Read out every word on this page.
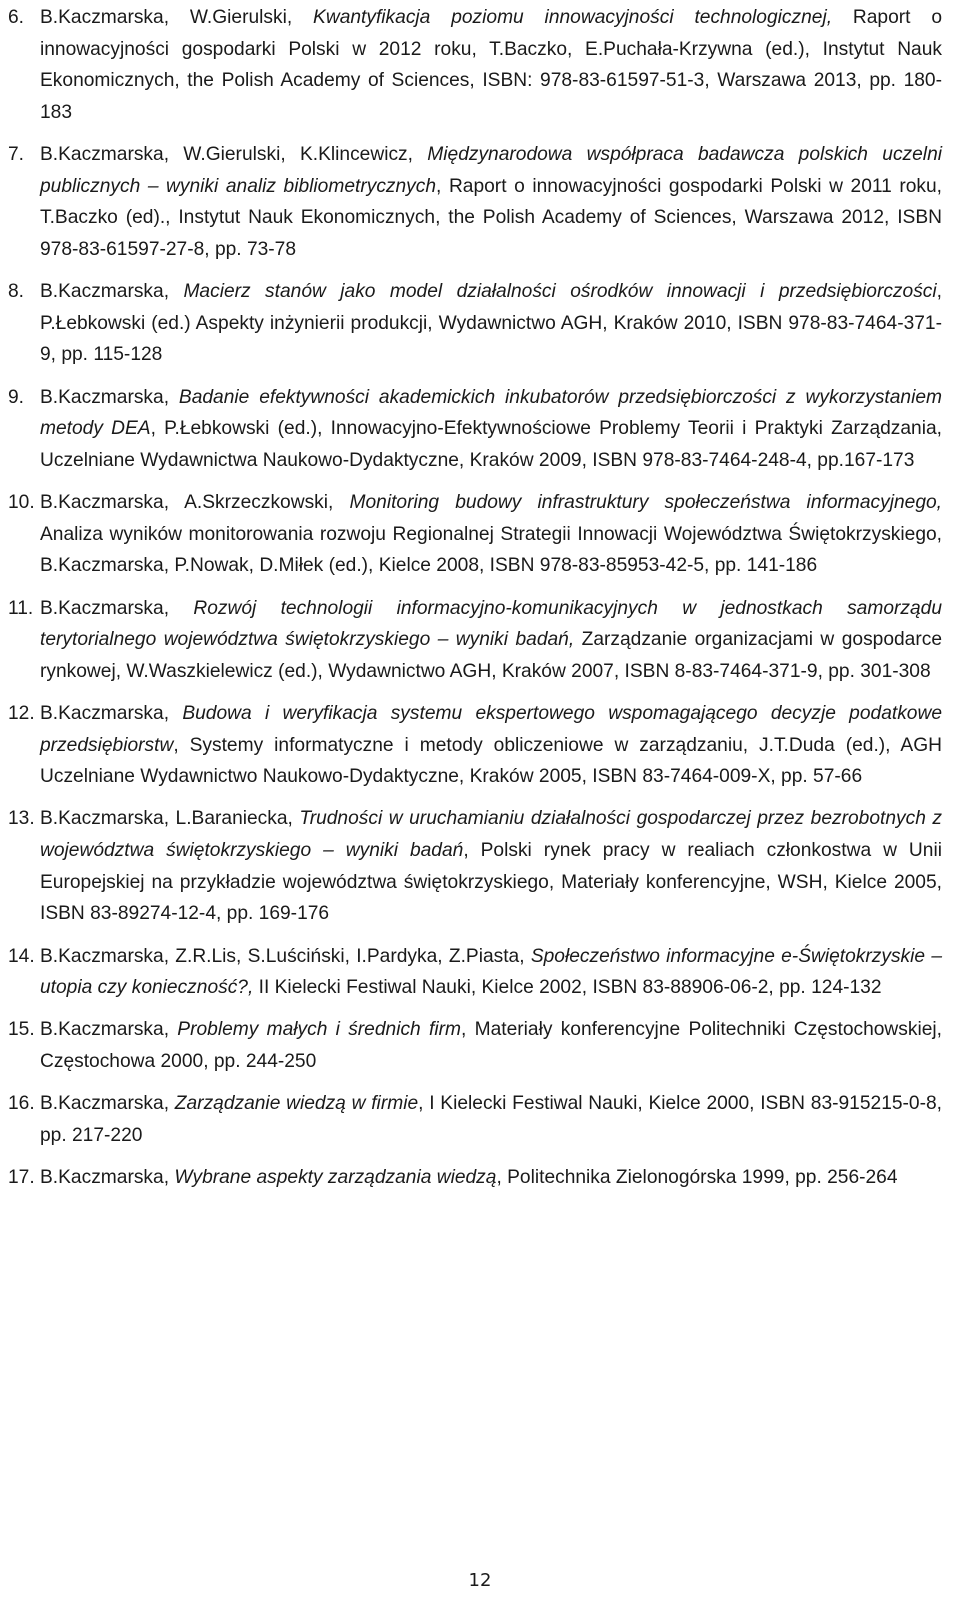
6. B.Kaczmarska, W.Gierulski, Kwantyfikacja poziomu innowacyjności technologicznej, Raport o innowacyjności gospodarki Polski w 2012 roku, T.Baczko, E.Puchała-Krzywna (ed.), Instytut Nauk Ekonomicznych, the Polish Academy of Sciences, ISBN: 978-83-61597-51-3, Warszawa 2013, pp. 180-183
7. B.Kaczmarska, W.Gierulski, K.Klincewicz, Międzynarodowa współpraca badawcza polskich uczelni publicznych – wyniki analiz bibliometrycznych, Raport o innowacyjności gospodarki Polski w 2011 roku, T.Baczko (ed)., Instytut Nauk Ekonomicznych, the Polish Academy of Sciences, Warszawa 2012, ISBN 978-83-61597-27-8, pp. 73-78
8. B.Kaczmarska, Macierz stanów jako model działalności ośrodków innowacji i przedsiębiorczości, P.Łebkowski (ed.) Aspekty inżynierii produkcji, Wydawnictwo AGH, Kraków 2010, ISBN 978-83-7464-371-9, pp. 115-128
9. B.Kaczmarska, Badanie efektywności akademickich inkubatorów przedsiębiorczości z wykorzystaniem metody DEA, P.Łebkowski (ed.), Innowacyjno-Efektywnościowe Problemy Teorii i Praktyki Zarządzania, Uczelniane Wydawnictwa Naukowo-Dydaktyczne, Kraków 2009, ISBN 978-83-7464-248-4, pp.167-173
10. B.Kaczmarska, A.Skrzeczkowski, Monitoring budowy infrastruktury społeczeństwa informacyjnego, Analiza wyników monitorowania rozwoju Regionalnej Strategii Innowacji Województwa Świętokrzyskiego, B.Kaczmarska, P.Nowak, D.Miłek (ed.), Kielce 2008, ISBN 978-83-85953-42-5, pp. 141-186
11. B.Kaczmarska, Rozwój technologii informacyjno-komunikacyjnych w jednostkach samorządu terytorialnego województwa świętokrzyskiego – wyniki badań, Zarządzanie organizacjami w gospodarce rynkowej, W.Waszkielewicz (ed.), Wydawnictwo AGH, Kraków 2007, ISBN 8-83-7464-371-9, pp. 301-308
12. B.Kaczmarska, Budowa i weryfikacja systemu ekspertowego wspomagającego decyzje podatkowe przedsiębiorstw, Systemy informatyczne i metody obliczeniowe w zarządzaniu, J.T.Duda (ed.), AGH Uczelniane Wydawnictwo Naukowo-Dydaktyczne, Kraków 2005, ISBN 83-7464-009-X, pp. 57-66
13. B.Kaczmarska, L.Baraniecka, Trudności w uruchamianiu działalności gospodarczej przez bezrobotnych z województwa świętokrzyskiego – wyniki badań, Polski rynek pracy w realiach członkostwa w Unii Europejskiej na przykładzie województwa świętokrzyskiego, Materiały konferencyjne, WSH, Kielce 2005, ISBN 83-89274-12-4, pp. 169-176
14. B.Kaczmarska, Z.R.Lis, S.Luściński, I.Pardyka, Z.Piasta, Społeczeństwo informacyjne e-Świętokrzyskie – utopia czy konieczność?, II Kielecki Festiwal Nauki, Kielce 2002, ISBN 83-88906-06-2, pp. 124-132
15. B.Kaczmarska, Problemy małych i średnich firm, Materiały konferencyjne Politechniki Częstochowskiej, Częstochowa 2000, pp. 244-250
16. B.Kaczmarska, Zarządzanie wiedzą w firmie, I Kielecki Festiwal Nauki, Kielce 2000, ISBN 83-915215-0-8, pp. 217-220
17. B.Kaczmarska, Wybrane aspekty zarządzania wiedzą, Politechnika Zielonogórska 1999, pp. 256-264
12
